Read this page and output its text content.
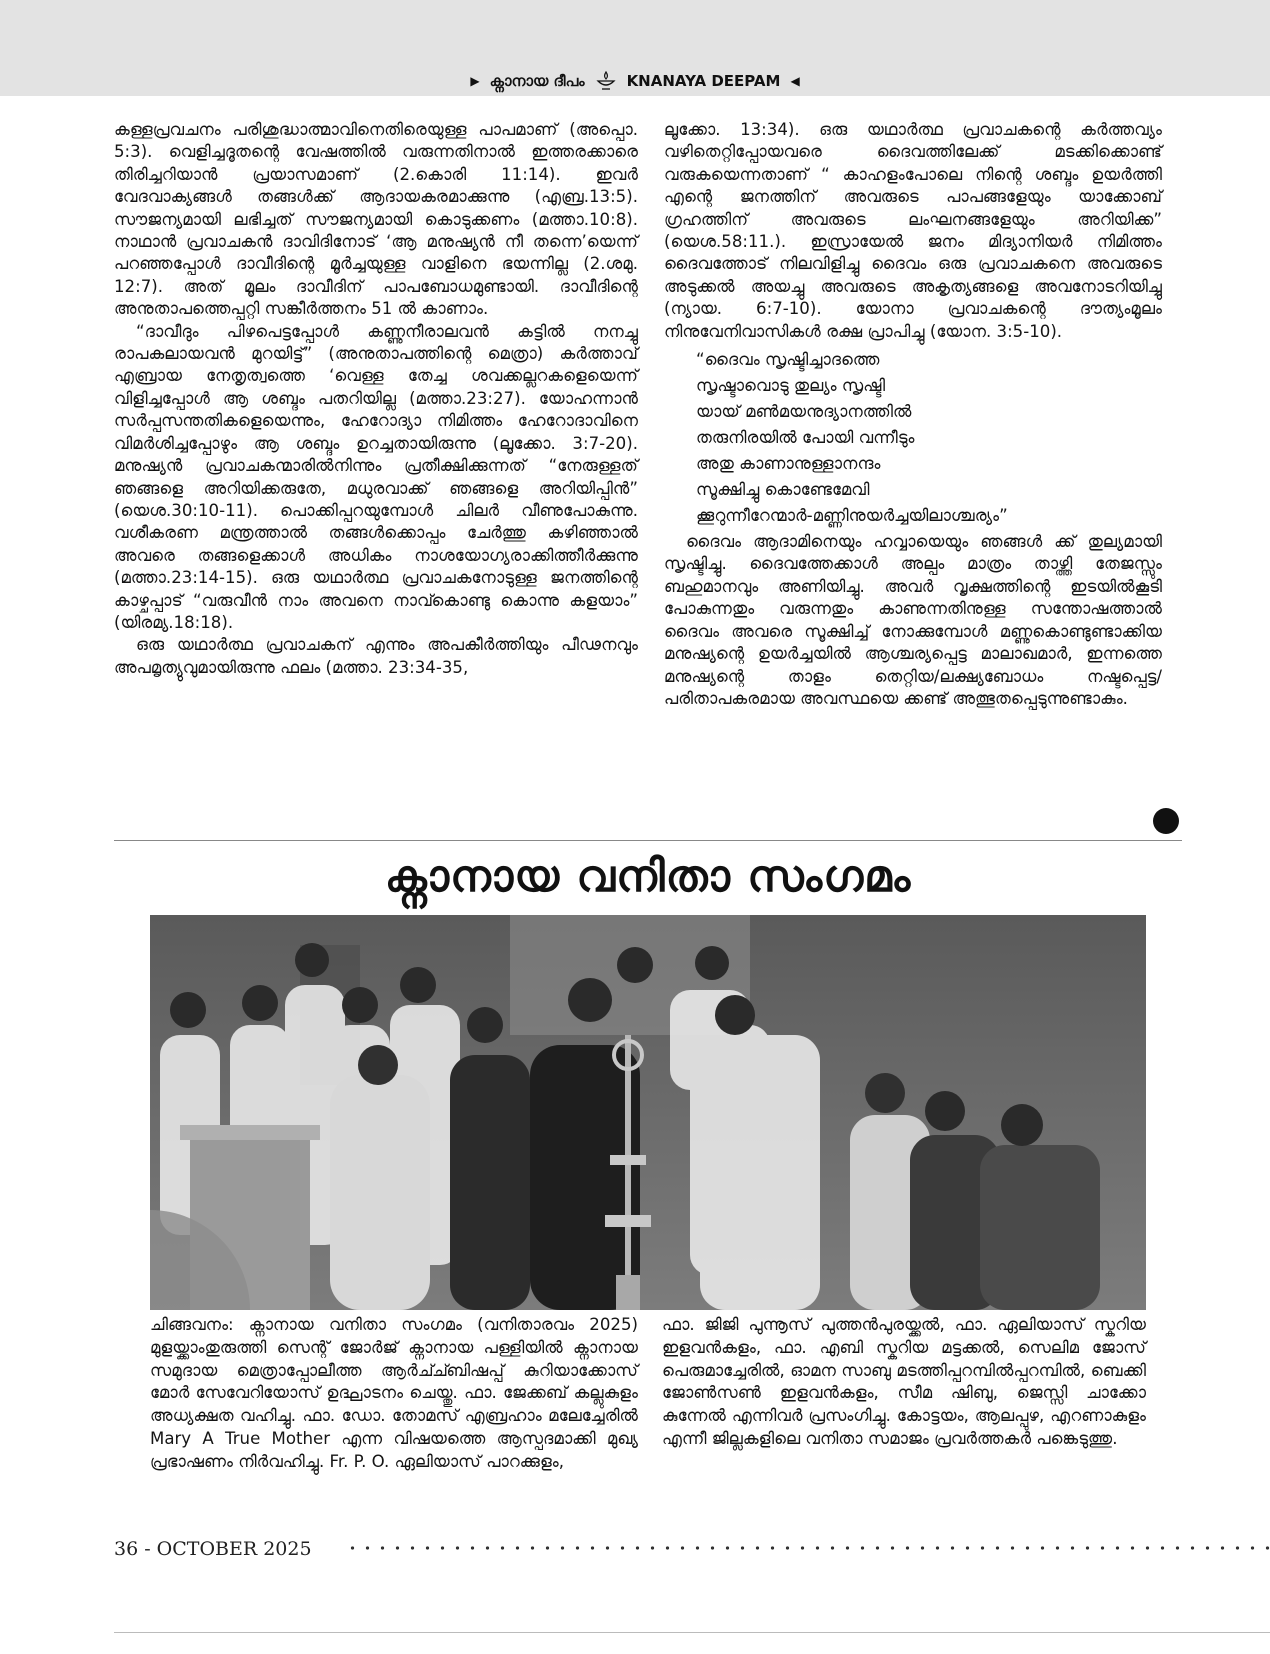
▶ ക്നാനായ ദീപം	KNANAYA DEEPAM ◀

കള്ളപ്രവചനം പരിശുദ്ധാത്മാവിനെതിരെയുള്ള പാപമാണ് (അപ്പൊ. 5:3). വെളിച്ചദൂതന്റെ വേഷത്തിൽ വരുന്നതിനാൽ ഇത്തരക്കാരെ തിരിച്ചറിയാൻ പ്രയാസമാണ് (2.കൊരി 11:14). ഇവർ വേദവാക്യങ്ങൾ തങ്ങൾക്ക് ആദായകരമാക്കുന്നു (എബ്ര.13:5). സൗജന്യമായി ലഭിച്ചത് സൗജന്യമായി കൊടുക്കണം (മത്താ.10:8). നാഥാൻ പ്രവാചകൻ ദാവിദിനോട് ‘ആ മനുഷ്യൻ നീ തന്നെ’യെന്ന് പറഞ്ഞപ്പോൾ ദാവീദിന്റെ മൂർച്ചയുള്ള വാളിനെ ഭയന്നില്ല (2.ശമു. 12:7). അത് മൂലം ദാവീദിന് പാപബോധമുണ്ടായി. ദാവീദിന്റെ അനുതാപത്തെപ്പറ്റി സങ്കീർത്തനം 51 ൽ കാണാം.

“ദാവീദും പിഴപെട്ടപ്പോൾ കണ്ണുനീരാലവൻ കട്ടിൽ നനച്ചു രാപകലായവൻ മുറയിട്ട്” (അനുതാപത്തിന്റെ മെത്രാ) കർത്താവ് എബ്രായ നേതൃത്വത്തെ ‘വെള്ള തേച്ച ശവക്കല്ലറകളെയെന്ന് വിളിച്ചപ്പോൾ ആ ശബ്ദം പതറിയില്ല (മത്താ.23:27). യോഹന്നാൻ സർപ്പസന്തതികളെയെന്നും, ഹേറോദ്യാ നിമിത്തം ഹേറോദാവിനെ വിമർശിച്ചപ്പോഴും ആ ശബ്ദം ഉറച്ചതായിരുന്നു (ലൂക്കോ. 3:7-20). മനുഷ്യൻ പ്രവാചകന്മാരിൽനിന്നും പ്രതീക്ഷിക്കുന്നത് “നേരുള്ളത് ഞങ്ങളെ അറിയിക്കരുതേ, മധുരവാക്ക് ഞങ്ങളെ അറിയിപ്പിൻ” (യെശ.30:10-11). പൊക്കിപ്പറയുമ്പോൾ ചിലർ വീണുപോകുന്നു. വശീകരണ മന്ത്രത്താൽ തങ്ങൾക്കൊപ്പം ചേർത്തു കഴിഞ്ഞാൽ അവരെ തങ്ങളെക്കാൾ അധികം നാശയോഗ്യരാക്കിത്തീർക്കുന്നു (മത്താ.23:14-15). ഒരു യഥാർത്ഥ പ്രവാചകനോടുള്ള ജനത്തിന്റെ കാഴ്ചപ്പാട് “വരുവീൻ നാം അവനെ നാവ്കൊണ്ടു കൊന്നു കളയാം” (യിരമ്യ.18:18).

ഒരു യഥാർത്ഥ പ്രവാചകന് എന്നും അപകീർത്തിയും പീഢനവും അപമൃത്യുവുമായിരുന്നു ഫലം (മത്താ. 23:34-35,

ലൂക്കോ. 13:34). ഒരു യഥാർത്ഥ പ്രവാചകന്റെ കർത്തവ്യം വഴിതെറ്റിപ്പോയവരെ ദൈവത്തിലേക്ക് മടക്കിക്കൊണ്ട് വരുകയെന്നതാണ് “ കാഹളംപോലെ നിന്റെ ശബ്ദം ഉയർത്തി എന്റെ ജനത്തിന് അവരുടെ പാപങ്ങളേയും യാക്കോബ് ഗ്രഹത്തിന് അവരുടെ ലംഘനങ്ങളേയും അറിയിക്ക” (യെശ.58:11.). ഇസ്രായേൽ ജനം മിദ്യാനിയർ നിമിത്തം ദൈവത്തോട് നിലവിളിച്ചു ദൈവം ഒരു പ്രവാചകനെ അവരുടെ അടുക്കൽ അയച്ചു അവരുടെ അകൃത്യങ്ങളെ അവനോടറിയിച്ചു (ന്യായ. 6:7-10). യോനാ പ്രവാചകന്റെ ദൗത്യംമൂലം നിനുവേനിവാസികൾ രക്ഷ പ്രാപിച്ചു (യോന. 3:5-10).

“ദൈവം സൃഷ്ടിച്ചാദത്തെ
സൃഷ്ടാവൊടു തുല്യം സൃഷ്ടി
യായ് മൺമയനുദ്യാനത്തിൽ
തരുനിരയിൽ പോയി വന്നീടും
അതു കാണാനുള്ളാനന്ദം
സൂക്ഷിച്ചു കൊണ്ടേമേവി
ക്കൂറുന്നീറേന്മാർ-മണ്ണിനുയർച്ചയിലാശ്ചര്യം”

ദൈവം ആദാമിനെയും ഹവ്വായെയും ഞങ്ങൾ ക്ക് തുല്യമായി സൃഷ്ടിച്ചു. ദൈവത്തേക്കാൾ അല്പം മാത്രം താഴ്ത്തി തേജസ്സും ബഹുമാനവും അണിയിച്ചു. അവർ വൃക്ഷത്തിന്റെ ഇടയിൽകൂടി പോകുന്നതും വരുന്നതും കാണുന്നതിനുള്ള സന്തോഷത്താൽ ദൈവം അവരെ സൂക്ഷിച്ച് നോക്കുമ്പോൾ മണ്ണുകൊണ്ടുണ്ടാക്കിയ മനുഷ്യന്റെ ഉയർച്ചയിൽ ആശ്ചര്യപ്പെട്ട മാലാഖമാർ, ഇന്നത്തെ മനുഷ്യന്റെ താളം തെറ്റിയ/ലക്ഷ്യബോധം നഷ്ടപ്പെട്ട/പരിതാപകരമായ അവസ്ഥയെ ക്കണ്ട് അത്ഭുതപ്പെടുന്നുണ്ടാകും.

ക്നാനായ വനിതാ സംഗമം
ചിങ്ങവനം: ക്നാനായ വനിതാ സംഗമം (വനിതാരവം 2025) മുളയ്ക്കാംതുരുത്തി സെന്റ് ജോർജ് ക്നാനായ പള്ളിയിൽ ക്നാനായ സമുദായ മെത്രാപ്പോലീത്ത ആർച്ച്ബിഷപ്പ് കുറിയാക്കോസ് മോർ സേവേറിയോസ് ഉദ്ഘാടനം ചെയ്തു. ഫാ. ജേക്കബ് കല്ലുകുളം അധ്യക്ഷത വഹിച്ചു. ഫാ. ഡോ. തോമസ് എബ്രഹാം മലേച്ചേരിൽ Mary A True Mother എന്ന വിഷയത്തെ ആസ്പദമാക്കി മുഖ്യ പ്രഭാഷണം നിർവഹിച്ചു. Fr. P. O. ഏലിയാസ് പാറക്കുളം,
ഫാ. ജിജി പുന്നൂസ് പുത്തൻപുരയ്ക്കൽ, ഫാ. ഏലിയാസ് സ്കറിയ ഇളവൻകളം, ഫാ. എബി സ്കറിയ മട്ടക്കൽ, സെലിമ ജോസ് പെരുമാച്ചേരിൽ, ഓമന സാബു മടത്തിപ്പറമ്പിൽപ്പറമ്പിൽ, ബെക്കി ജോൺസൺ ഇളവൻകളം, സീമ ഷിബു, ജെസ്സി ചാക്കോ കുന്നേൽ എന്നിവർ പ്രസംഗിച്ചു. കോട്ടയം, ആലപ്പുഴ, എറണാകുളം എന്നീ ജില്ലകളിലെ വനിതാ സമാജം പ്രവർത്തകർ പങ്കെടുത്തു.
36 - OCTOBER 2025
